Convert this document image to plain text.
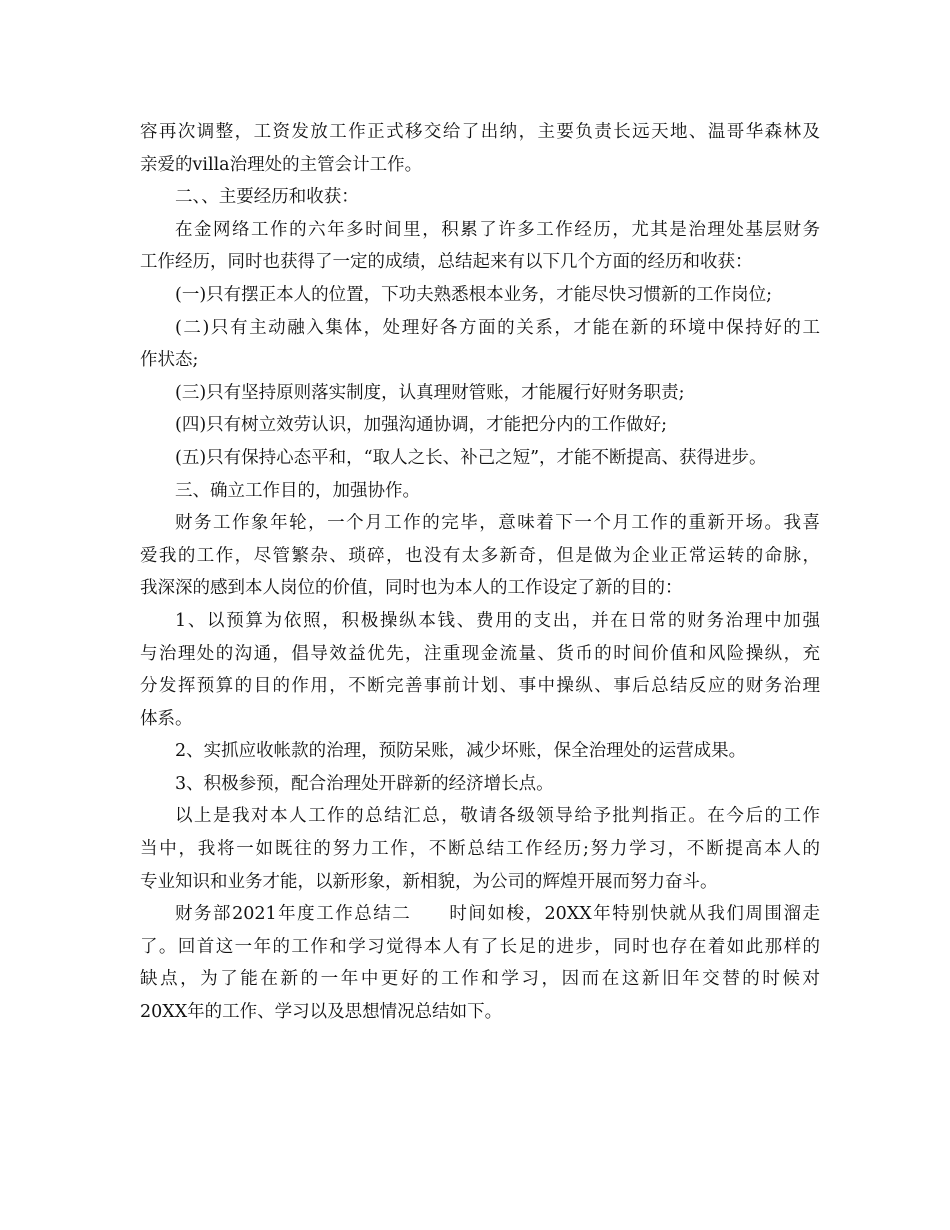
容再次调整，工资发放工作正式移交给了出纳，主要负责长远天地、温哥华森林及
亲爱的villa治理处的主管会计工作。
二、、主要经历和收获：
在金网络工作的六年多时间里，积累了许多工作经历，尤其是治理处基层财务
工作经历，同时也获得了一定的成绩，总结起来有以下几个方面的经历和收获：
(一)只有摆正本人的位置，下功夫熟悉根本业务，才能尽快习惯新的工作岗位;
(二)只有主动融入集体，处理好各方面的关系，才能在新的环境中保持好的工
作状态;
(三)只有坚持原则落实制度，认真理财管账，才能履行好财务职责;
(四)只有树立效劳认识，加强沟通协调，才能把分内的工作做好;
(五)只有保持心态平和，“取人之长、补己之短”，才能不断提高、获得进步。
三、确立工作目的，加强协作。
财务工作象年轮，一个月工作的完毕，意味着下一个月工作的重新开场。我喜
爱我的工作，尽管繁杂、琐碎，也没有太多新奇，但是做为企业正常运转的命脉，
我深深的感到本人岗位的价值，同时也为本人的工作设定了新的目的：
1、以预算为依照，积极操纵本钱、费用的支出，并在日常的财务治理中加强
与治理处的沟通，倡导效益优先，注重现金流量、货币的时间价值和风险操纵，充
分发挥预算的目的作用，不断完善事前计划、事中操纵、事后总结反应的财务治理
体系。
2、实抓应收帐款的治理，预防呆账，减少坏账，保全治理处的运营成果。
3、积极参预，配合治理处开辟新的经济增长点。
以上是我对本人工作的总结汇总，敬请各级领导给予批判指正。在今后的工作
当中，我将一如既往的努力工作，不断总结工作经历;努力学习，不断提高本人的
专业知识和业务才能，以新形象，新相貌，为公司的辉煌开展而努力奋斗。
财务部2021年度工作总结二　　时间如梭，20XX年特别快就从我们周围溜走
了。回首这一年的工作和学习觉得本人有了长足的进步，同时也存在着如此那样的
缺点，为了能在新的一年中更好的工作和学习，因而在这新旧年交替的时候对
20XX年的工作、学习以及思想情况总结如下。
